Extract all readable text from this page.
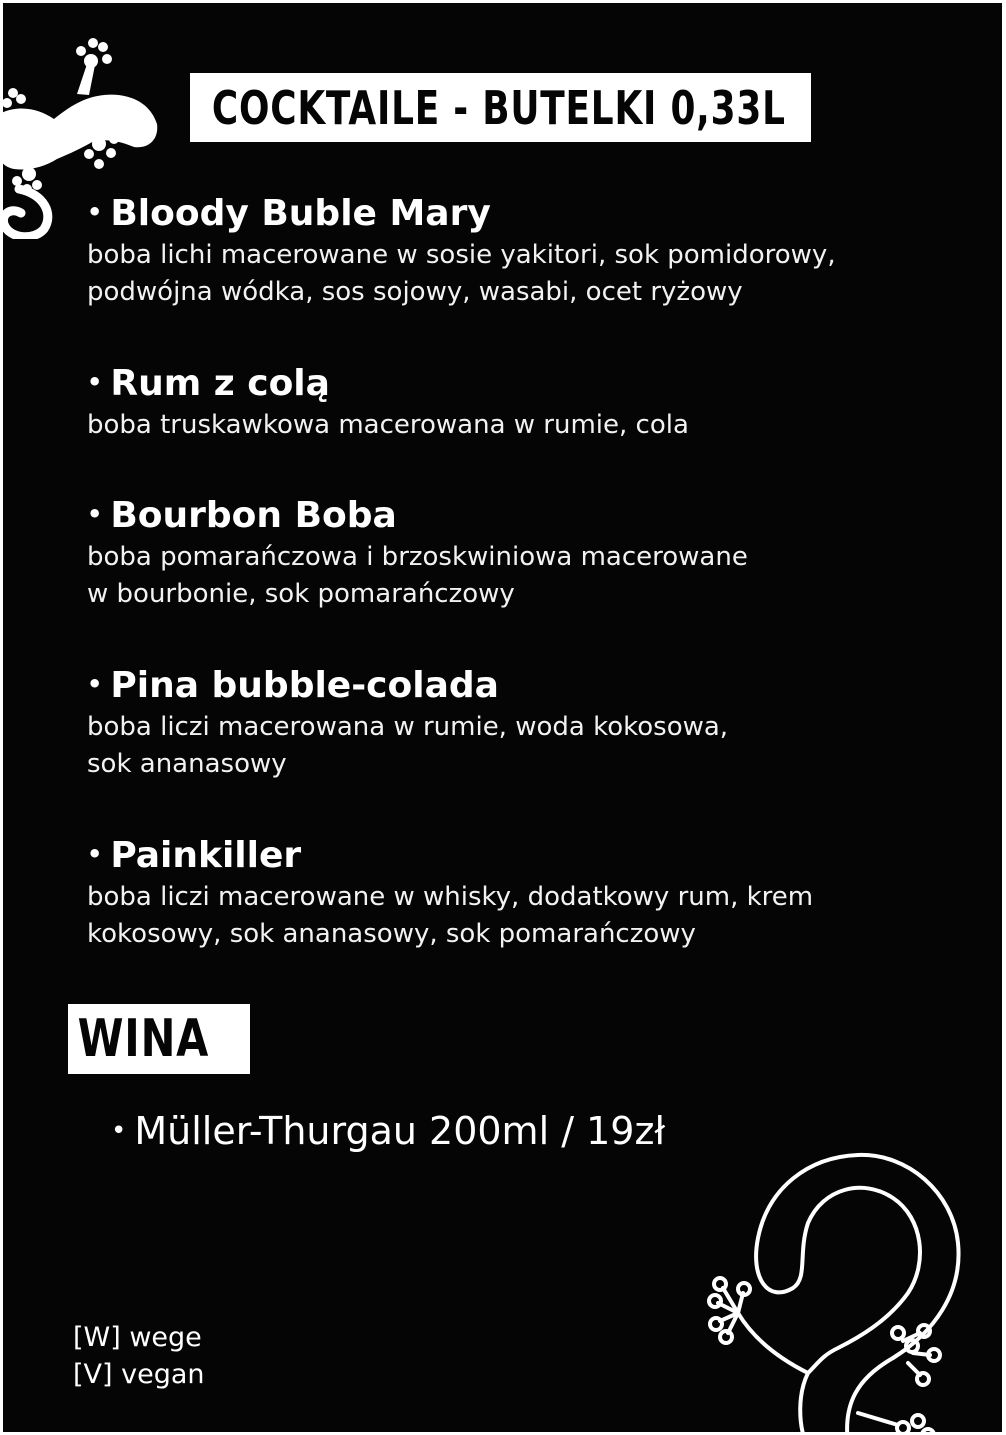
COCKTAILE - BUTELKI 0,33L
• Bloody Buble Mary
boba lichi macerowane w sosie yakitori, sok pomidorowy,
podwójna wódka, sos sojowy, wasabi, ocet ryżowy
• Rum z colą
boba truskawkowa macerowana w rumie, cola
• Bourbon Boba
boba pomarańczowa i brzoskwiniowa macerowane
w bourbonie, sok pomarańczowy
• Pina bubble-colada
boba liczi macerowana w rumie, woda kokosowa,
sok ananasowy
• Painkiller
boba liczi macerowane w whisky, dodatkowy rum, krem
kokosowy, sok ananasowy, sok pomarańczowy
WINA
• Müller-Thurgau 200ml / 19zł
[W] wege
[V] vegan
